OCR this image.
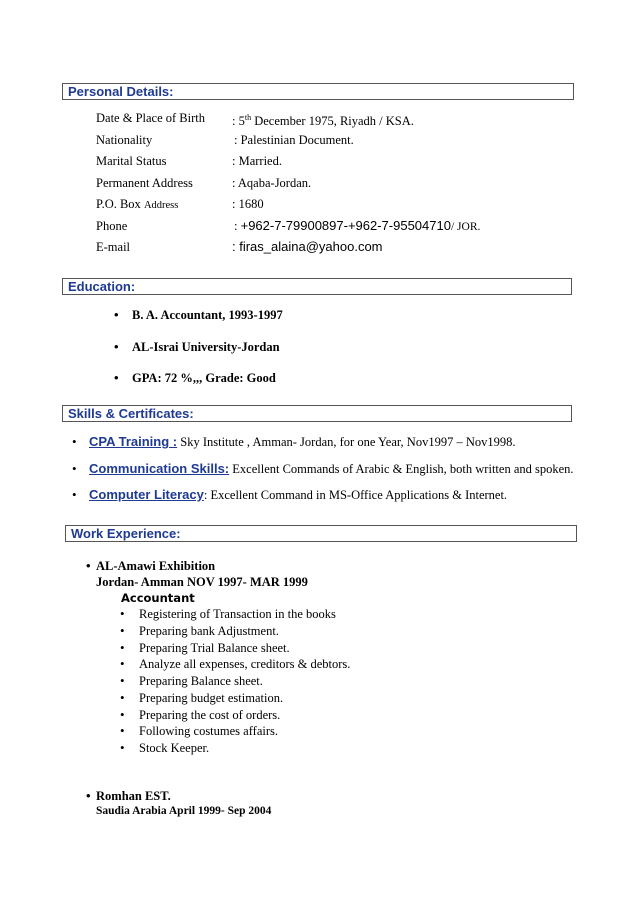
Personal Details:
Date & Place of Birth : 5th December 1975, Riyadh / KSA.
Nationality	: Palestinian Document.
Marital Status	: Married.
Permanent Address	: Aqaba-Jordan.
P.O. Box Address	: 1680
Phone	: +962-7-79900897-+962-7-95504710/ JOR.
E-mail	: firas_alaina@yahoo.com
Education:
• B. A. Accountant, 1993-1997
• AL-Israi University-Jordan
• GPA: 72 %,,, Grade: Good
Skills & Certificates:
• CPA Training : Sky Institute , Amman- Jordan, for one Year, Nov1997 – Nov1998.
• Communication Skills: Excellent Commands of Arabic & English, both written and spoken.
• Computer Literacy: Excellent Command in MS-Office Applications & Internet.
Work Experience:
• AL-Amawi Exhibition
Jordan- Amman NOV 1997- MAR 1999
Accountant
• Registering of Transaction in the books
• Preparing bank Adjustment.
• Preparing Trial Balance sheet.
• Analyze all expenses, creditors & debtors.
• Preparing Balance sheet.
• Preparing budget estimation.
• Preparing the cost of orders.
• Following costumes affairs.
• Stock Keeper.
• Romhan EST.
Saudia Arabia April 1999- Sep 2004
